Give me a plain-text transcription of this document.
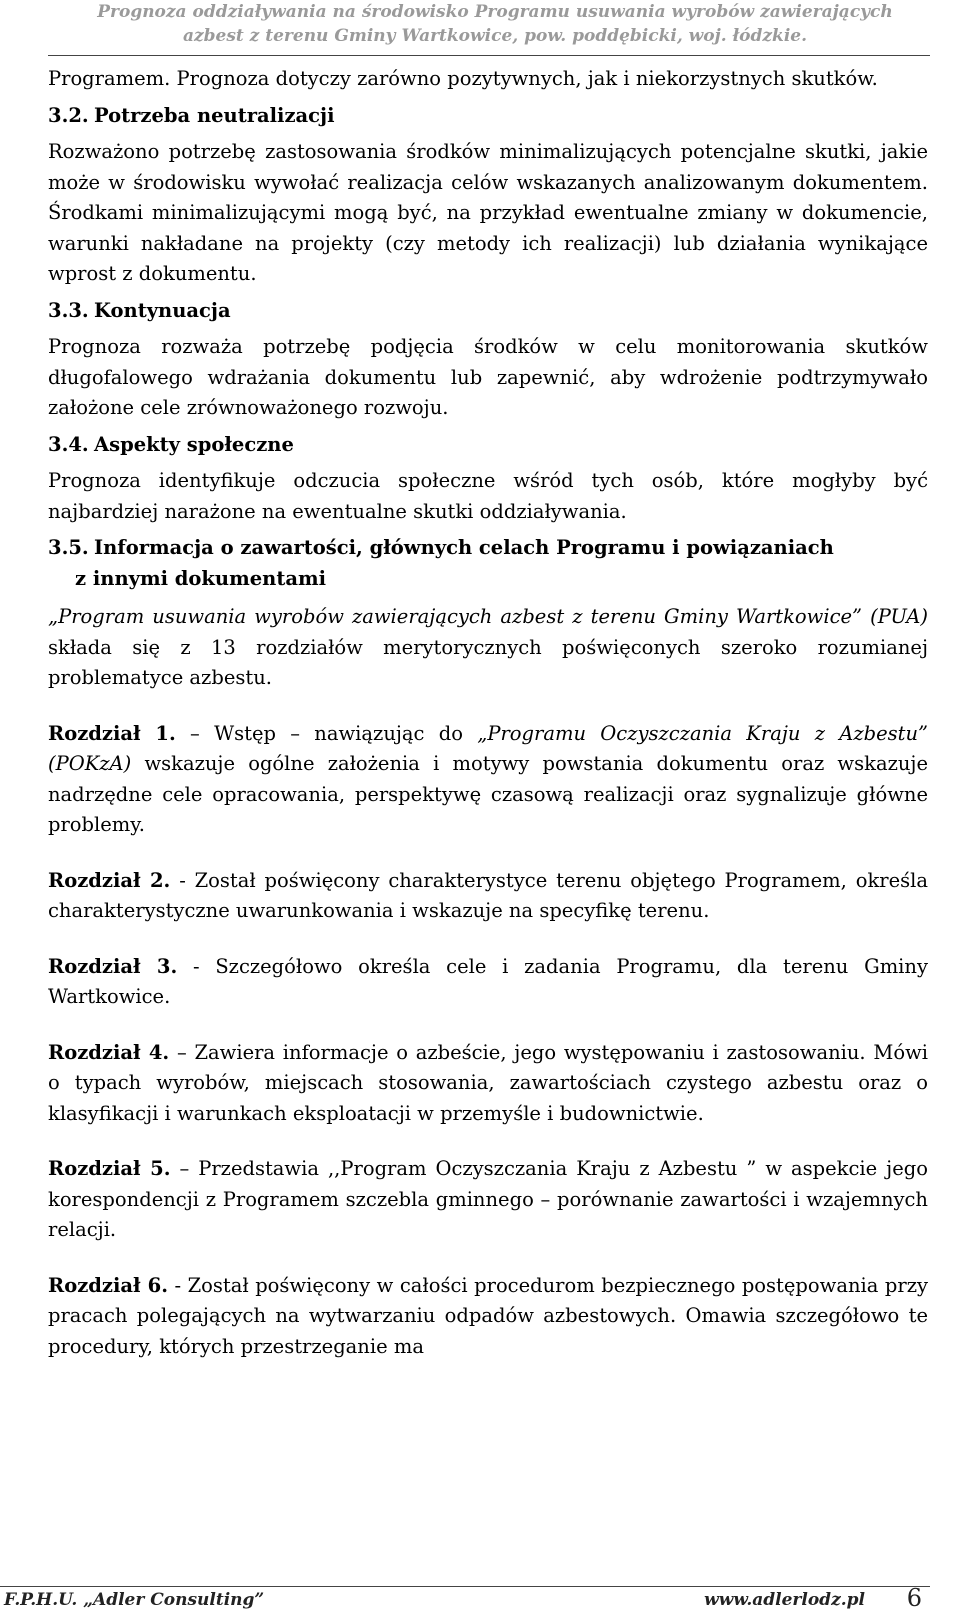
Prognoza oddziaływania na środowisko Programu usuwania wyrobów zawierających
azbest z terenu Gminy Wartkowice, pow. poddębicki, woj. łódzkie.

Programem. Prognoza dotyczy zarówno pozytywnych, jak i niekorzystnych skutków.

3.2. Potrzeba neutralizacji

Rozważono potrzebę zastosowania środków minimalizujących potencjalne skutki, jakie może w środowisku wywołać realizacja celów wskazanych analizowanym dokumentem. Środkami minimalizującymi mogą być, na przykład ewentualne zmiany w dokumencie, warunki nakładane na projekty (czy metody ich realizacji) lub działania wynikające wprost z dokumentu.

3.3. Kontynuacja

Prognoza rozważa potrzebę podjęcia środków w celu monitorowania skutków długofalowego wdrażania dokumentu lub zapewnić, aby wdrożenie podtrzymywało założone cele zrównoważonego rozwoju.

3.4. Aspekty społeczne

Prognoza identyfikuje odczucia społeczne wśród tych osób, które mogłyby być najbardziej narażone na ewentualne skutki oddziaływania.

3.5. Informacja o zawartości, głównych celach Programu i powiązaniach
z innymi dokumentami

„Program usuwania wyrobów zawierających azbest z terenu Gminy Wartkowice” (PUA) składa się z 13 rozdziałów merytorycznych poświęconych szeroko rozumianej problematyce azbestu.

Rozdział 1. – Wstęp – nawiązując do „Programu Oczyszczania Kraju z Azbestu” (POKzA) wskazuje ogólne założenia i motywy powstania dokumentu oraz wskazuje nadrzędne cele opracowania, perspektywę czasową realizacji oraz sygnalizuje główne problemy.

Rozdział 2. - Został poświęcony charakterystyce terenu objętego Programem, określa charakterystyczne uwarunkowania i wskazuje na specyfikę terenu.

Rozdział 3. - Szczegółowo określa cele i zadania Programu, dla terenu Gminy Wartkowice.

Rozdział 4. – Zawiera informacje o azbeście, jego występowaniu i zastosowaniu. Mówi o typach wyrobów, miejscach stosowania, zawartościach czystego azbestu oraz o klasyfikacji i warunkach eksploatacji w przemyśle i budownictwie.

Rozdział 5. – Przedstawia ,,Program Oczyszczania Kraju z Azbestu ” w aspekcie jego korespondencji z Programem szczebla gminnego – porównanie zawartości i wzajemnych relacji.

Rozdział 6. - Został poświęcony w całości procedurom bezpiecznego postępowania przy pracach polegających na wytwarzaniu odpadów azbestowych. Omawia szczegółowo te procedury, których przestrzeganie ma

F.P.H.U. „Adler Consulting”	www.adlerlodz.pl 6
